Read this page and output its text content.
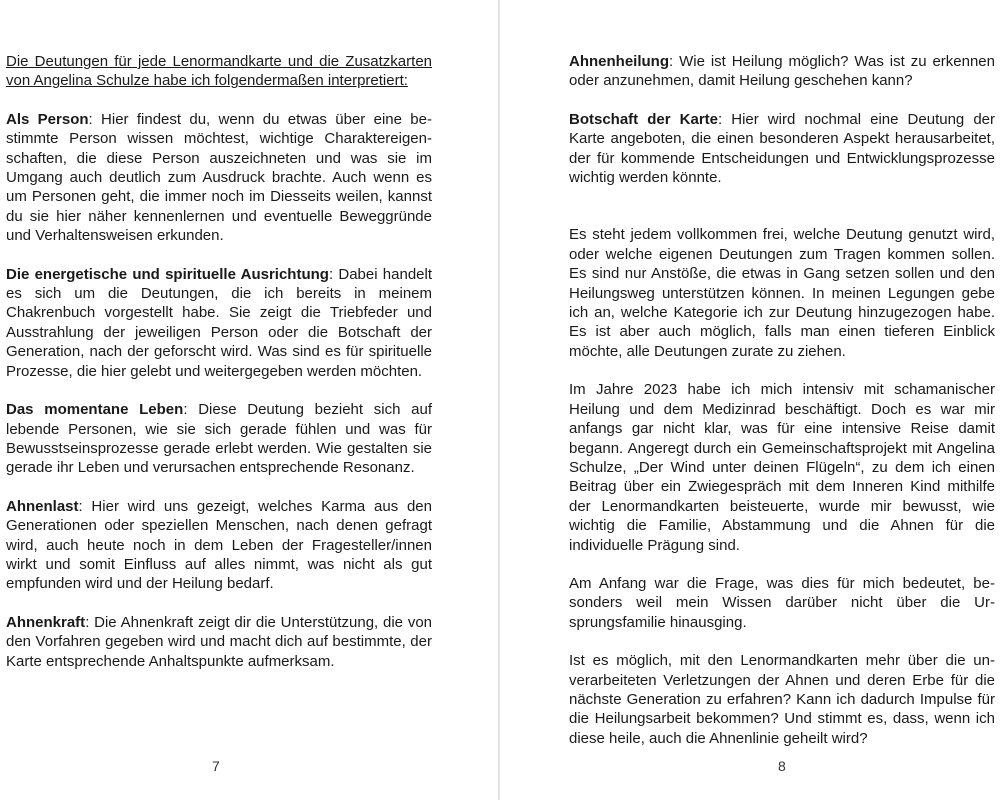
Die Deutungen für jede Lenormandkarte und die Zusatzkarten von Angelina Schulze habe ich folgendermaßen interpretiert:

Als Person: Hier findest du, wenn du etwas über eine bestimmte Person wissen möchtest, wichtige Charaktereigenschaften, die diese Person auszeichneten und was sie im Umgang auch deutlich zum Ausdruck brachte. Auch wenn es um Personen geht, die immer noch im Diesseits weilen, kannst du sie hier näher kennenlernen und eventuelle Beweggründe und Verhaltensweisen erkunden.

Die energetische und spirituelle Ausrichtung: Dabei handelt es sich um die Deutungen, die ich bereits in meinem Chakrenbuch vorgestellt habe. Sie zeigt die Triebfeder und Ausstrahlung der jeweiligen Person oder die Botschaft der Generation, nach der geforscht wird. Was sind es für spirituelle Prozesse, die hier gelebt und weitergegeben werden möchten.

Das momentane Leben: Diese Deutung bezieht sich auf lebende Personen, wie sie sich gerade fühlen und was für Bewusstseinsprozesse gerade erlebt werden. Wie gestalten sie gerade ihr Leben und verursachen entsprechende Resonanz.

Ahnenlast: Hier wird uns gezeigt, welches Karma aus den Generationen oder speziellen Menschen, nach denen gefragt wird, auch heute noch in dem Leben der Fragesteller/innen wirkt und somit Einfluss auf alles nimmt, was nicht als gut empfunden wird und der Heilung bedarf.

Ahnenkraft: Die Ahnenkraft zeigt dir die Unterstützung, die von den Vorfahren gegeben wird und macht dich auf bestimmte, der Karte entsprechende Anhaltspunkte aufmerksam.

7

Ahnenheilung: Wie ist Heilung möglich? Was ist zu erkennen oder anzunehmen, damit Heilung geschehen kann?

Botschaft der Karte: Hier wird nochmal eine Deutung der Karte angeboten, die einen besonderen Aspekt herausarbeitet, der für kommende Entscheidungen und Entwicklungsprozesse wichtig werden könnte.

Es steht jedem vollkommen frei, welche Deutung genutzt wird, oder welche eigenen Deutungen zum Tragen kommen sollen. Es sind nur Anstöße, die etwas in Gang setzen sollen und den Heilungsweg unterstützen können. In meinen Legungen gebe ich an, welche Kategorie ich zur Deutung hinzugezogen habe. Es ist aber auch möglich, falls man einen tieferen Einblick möchte, alle Deutungen zurate zu ziehen.

Im Jahre 2023 habe ich mich intensiv mit schamanischer Heilung und dem Medizinrad beschäftigt. Doch es war mir anfangs gar nicht klar, was für eine intensive Reise damit begann. Angeregt durch ein Gemeinschaftsprojekt mit Angelina Schulze, „Der Wind unter deinen Flügeln“, zu dem ich einen Beitrag über ein Zwiegespräch mit dem Inneren Kind mithilfe der Lenormandkarten beisteuerte, wurde mir bewusst, wie wichtig die Familie, Abstammung und die Ahnen für die individuelle Prägung sind.

Am Anfang war die Frage, was dies für mich bedeutet, besonders weil mein Wissen darüber nicht über die Ursprungsfamilie hinausging.

Ist es möglich, mit den Lenormandkarten mehr über die unverarbeiteten Verletzungen der Ahnen und deren Erbe für die nächste Generation zu erfahren? Kann ich dadurch Impulse für die Heilungsarbeit bekommen? Und stimmt es, dass, wenn ich diese heile, auch die Ahnenlinie geheilt wird?

8
